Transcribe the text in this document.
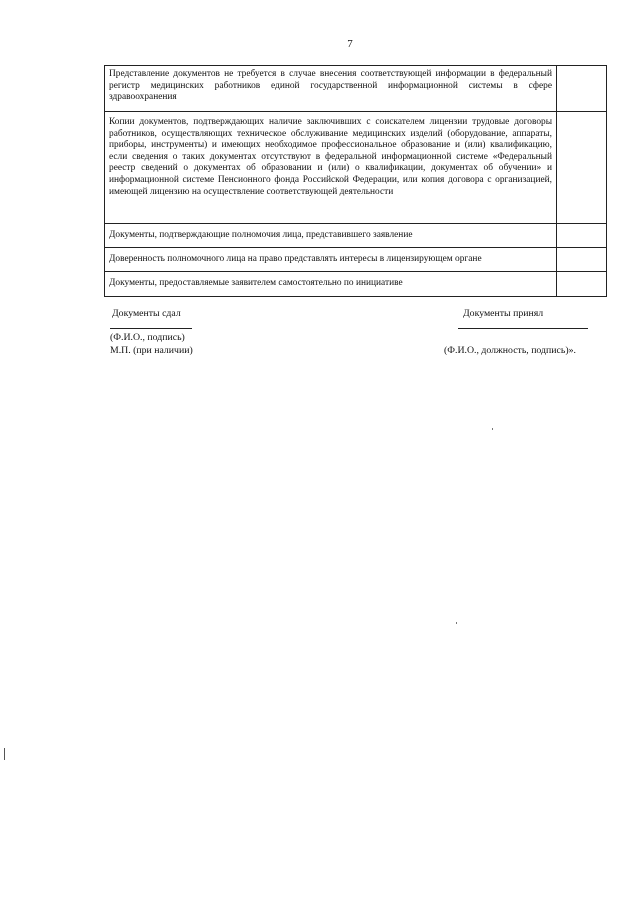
7
Представление документов не требуется в случае внесения соответствующей информации в федеральный регистр медицинских работников единой государственной информационной системы в сфере здравоохранения	
Копии документов, подтверждающих наличие заключивших с соискателем лицензии трудовые договоры работников, осуществляющих техническое обслуживание медицинских изделий (оборудование, аппараты, приборы, инструменты) и имеющих необходимое профессиональное образование и (или) квалификацию, если сведения о таких документах отсутствуют в федеральной информационной системе «Федеральный реестр сведений о документах об образовании и (или) о квалификации, документах об обучении» и информационной системе Пенсионного фонда Российской Федерации, или копия договора с организацией, имеющей лицензию на осуществление соответствующей деятельности	
Документы, подтверждающие полномочия лица, представившего заявление	
Доверенность полномочного лица на право представлять интересы в лицензирующем органе	
Документы, предоставляемые заявителем самостоятельно по инициативе	
Документы сдал
(Ф.И.О., подпись)
М.П. (при наличии)
Документы принял
(Ф.И.О., должность, подпись)».
